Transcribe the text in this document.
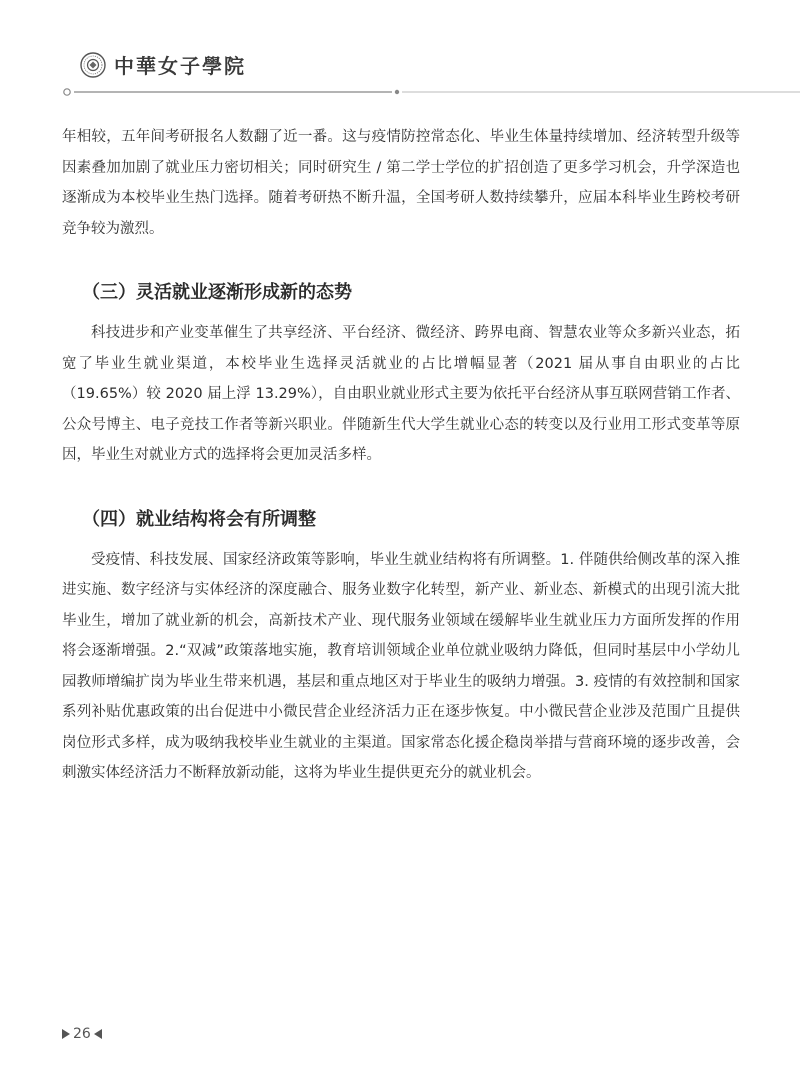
中華女子學院

年相较，五年间考研报名人数翻了近一番。这与疫情防控常态化、毕业生体量持续增加、经济转型升级等因素叠加加剧了就业压力密切相关；同时研究生 / 第二学士学位的扩招创造了更多学习机会，升学深造也逐渐成为本校毕业生热门选择。随着考研热不断升温，全国考研人数持续攀升，应届本科毕业生跨校考研竞争较为激烈。

（三）灵活就业逐渐形成新的态势

科技进步和产业变革催生了共享经济、平台经济、微经济、跨界电商、智慧农业等众多新兴业态，拓宽了毕业生就业渠道，本校毕业生选择灵活就业的占比增幅显著（2021 届从事自由职业的占比（19.65%）较 2020 届上浮 13.29%），自由职业就业形式主要为依托平台经济从事互联网营销工作者、公众号博主、电子竞技工作者等新兴职业。伴随新生代大学生就业心态的转变以及行业用工形式变革等原因，毕业生对就业方式的选择将会更加灵活多样。

（四）就业结构将会有所调整

受疫情、科技发展、国家经济政策等影响，毕业生就业结构将有所调整。1. 伴随供给侧改革的深入推进实施、数字经济与实体经济的深度融合、服务业数字化转型，新产业、新业态、新模式的出现引流大批毕业生，增加了就业新的机会，高新技术产业、现代服务业领域在缓解毕业生就业压力方面所发挥的作用将会逐渐增强。2.“双减”政策落地实施，教育培训领域企业单位就业吸纳力降低，但同时基层中小学幼儿园教师增编扩岗为毕业生带来机遇，基层和重点地区对于毕业生的吸纳力增强。3. 疫情的有效控制和国家系列补贴优惠政策的出台促进中小微民营企业经济活力正在逐步恢复。中小微民营企业涉及范围广且提供岗位形式多样，成为吸纳我校毕业生就业的主渠道。国家常态化援企稳岗举措与营商环境的逐步改善，会刺激实体经济活力不断释放新动能，这将为毕业生提供更充分的就业机会。

26
